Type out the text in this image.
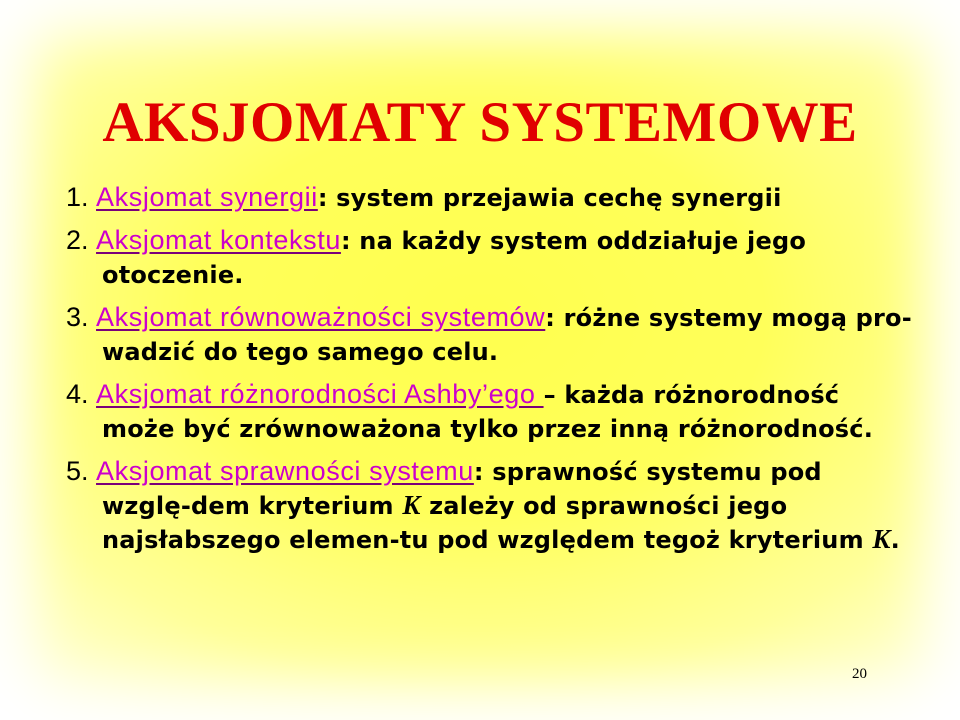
AKSJOMATY SYSTEMOWE
1. Aksjomat synergii: system przejawia cechę synergii
2. Aksjomat kontekstu: na każdy system oddziałuje jego otoczenie.
3. Aksjomat równoważności systemów: różne systemy mogą pro-wadzić do tego samego celu.
4. Aksjomat różnorodności Ashby’ego – każda różnorodność może być zrównoważona tylko przez inną różnorodność.
5. Aksjomat sprawności systemu: sprawność systemu pod wzglę-dem kryterium K zależy od sprawności jego najsłabszego elemen-tu pod względem tegoż kryterium K.
20
